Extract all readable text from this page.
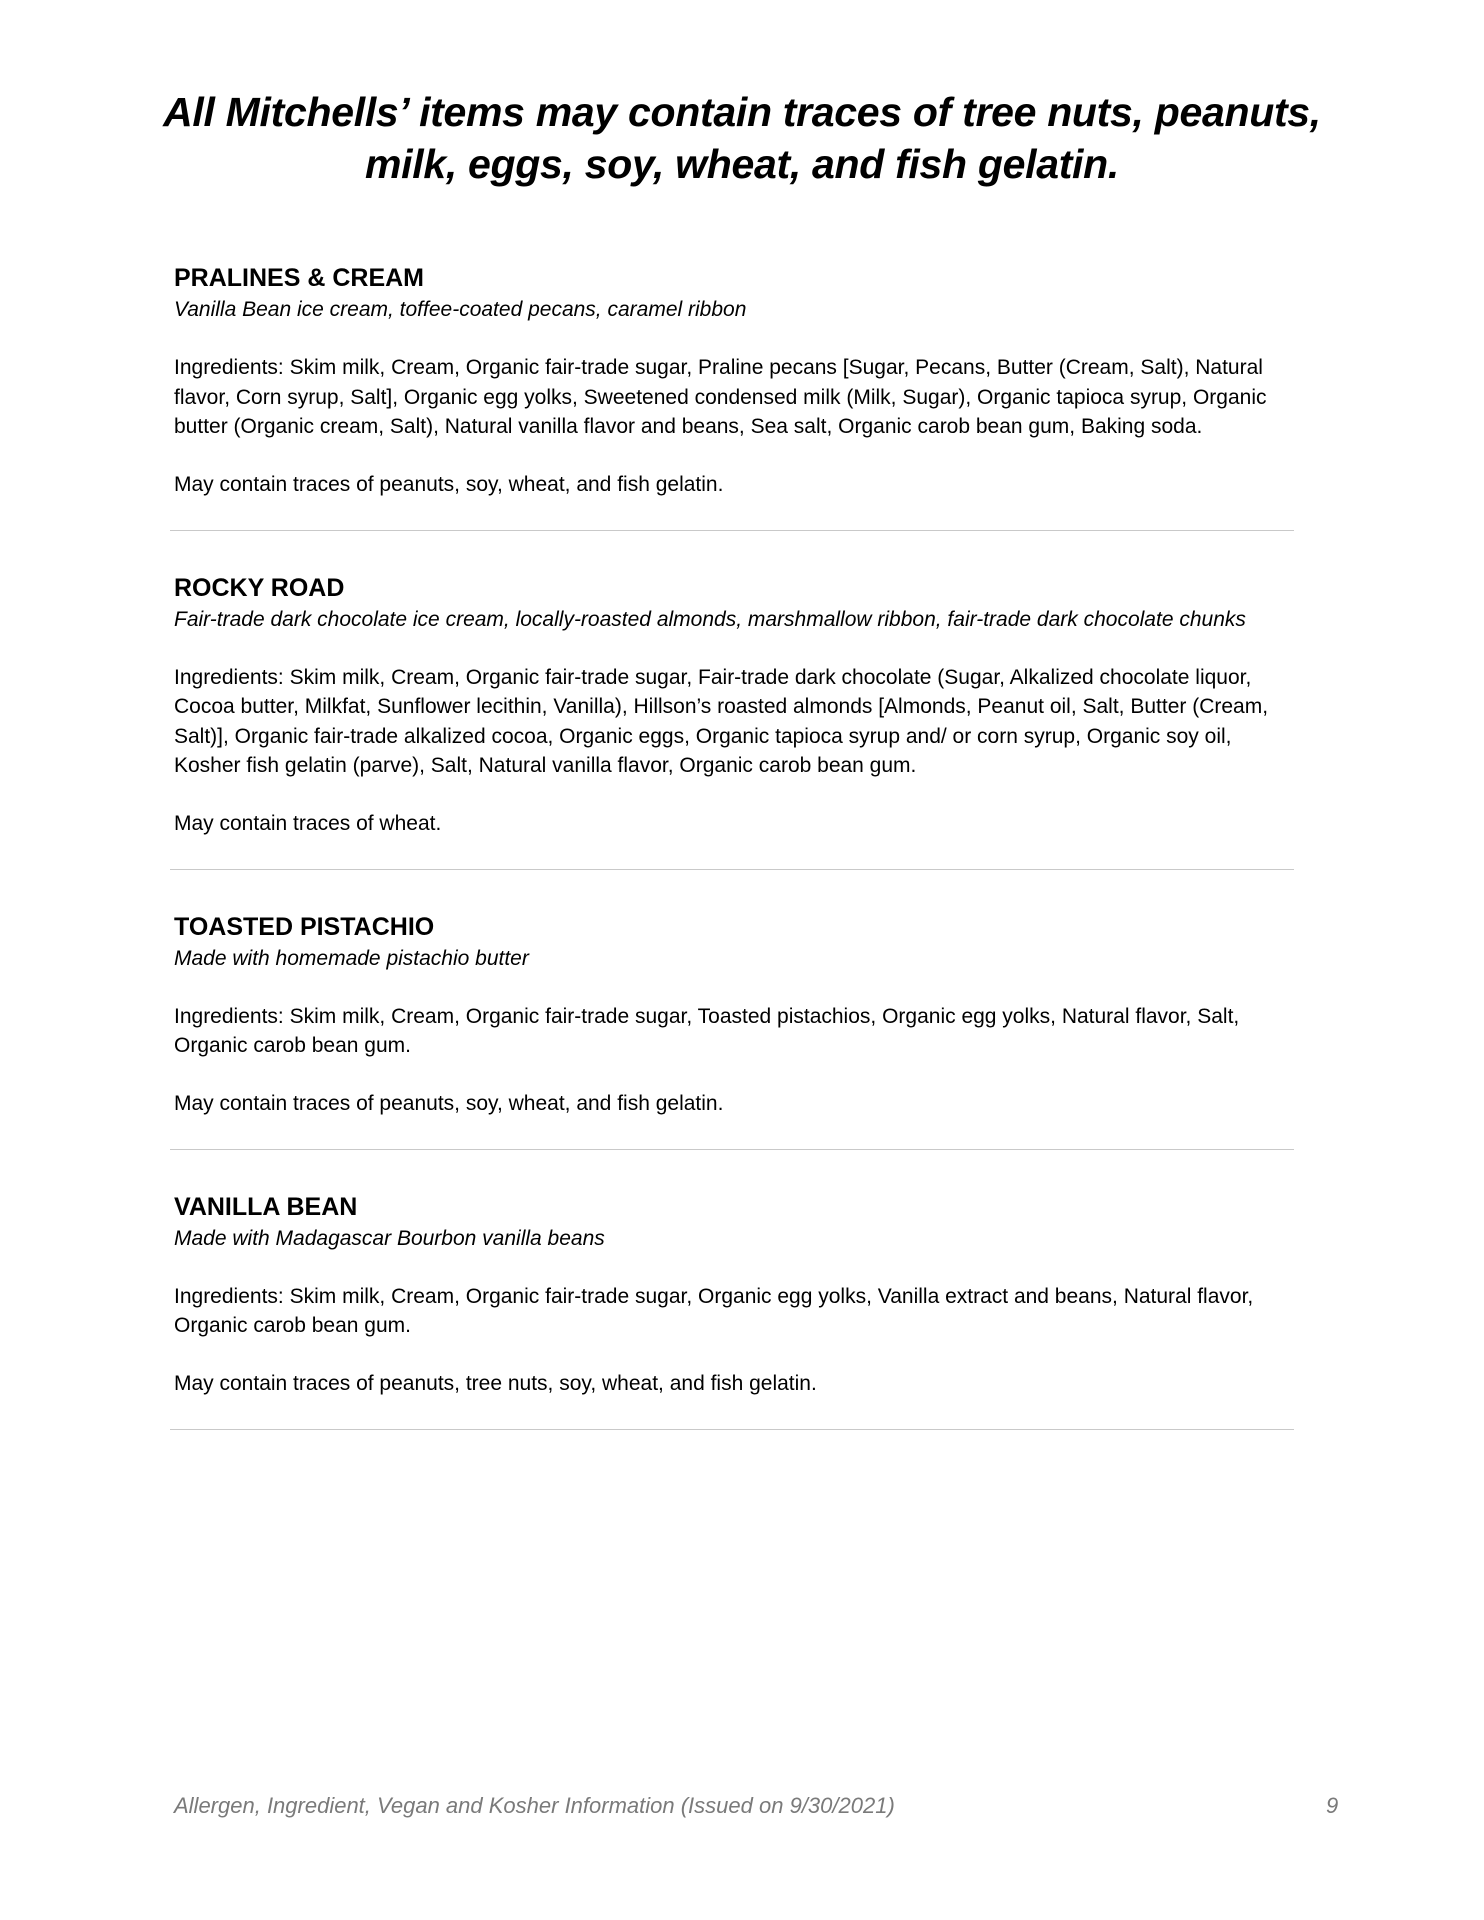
All Mitchells’ items may contain traces of tree nuts, peanuts,
milk, eggs, soy, wheat, and fish gelatin.

PRALINES & CREAM

Vanilla Bean ice cream, toffee-coated pecans, caramel ribbon

Ingredients: Skim milk, Cream, Organic fair-trade sugar, Praline pecans [Sugar, Pecans, Butter (Cream, Salt), Natural flavor, Corn syrup, Salt], Organic egg yolks, Sweetened condensed milk (Milk, Sugar), Organic tapioca syrup, Organic butter (Organic cream, Salt), Natural vanilla flavor and beans, Sea salt, Organic carob bean gum, Baking soda.

May contain traces of peanuts, soy, wheat, and fish gelatin.

ROCKY ROAD

Fair-trade dark chocolate ice cream, locally-roasted almonds, marshmallow ribbon, fair-trade dark chocolate chunks

Ingredients: Skim milk, Cream, Organic fair-trade sugar, Fair-trade dark chocolate (Sugar, Alkalized chocolate liquor, Cocoa butter, Milkfat, Sunflower lecithin, Vanilla), Hillson’s roasted almonds [Almonds, Peanut oil, Salt, Butter (Cream, Salt)], Organic fair-trade alkalized cocoa, Organic eggs, Organic tapioca syrup and/ or corn syrup, Organic soy oil, Kosher fish gelatin (parve), Salt, Natural vanilla flavor, Organic carob bean gum.

May contain traces of wheat.

TOASTED PISTACHIO

Made with homemade pistachio butter

Ingredients: Skim milk, Cream, Organic fair-trade sugar, Toasted pistachios, Organic egg yolks, Natural flavor, Salt, Organic carob bean gum.

May contain traces of peanuts, soy, wheat, and fish gelatin.

VANILLA BEAN

Made with Madagascar Bourbon vanilla beans

Ingredients: Skim milk, Cream, Organic fair-trade sugar, Organic egg yolks, Vanilla extract and beans, Natural flavor, Organic carob bean gum.

May contain traces of peanuts, tree nuts, soy, wheat, and fish gelatin.

Allergen, Ingredient, Vegan and Kosher Information (Issued on 9/30/2021)	9
